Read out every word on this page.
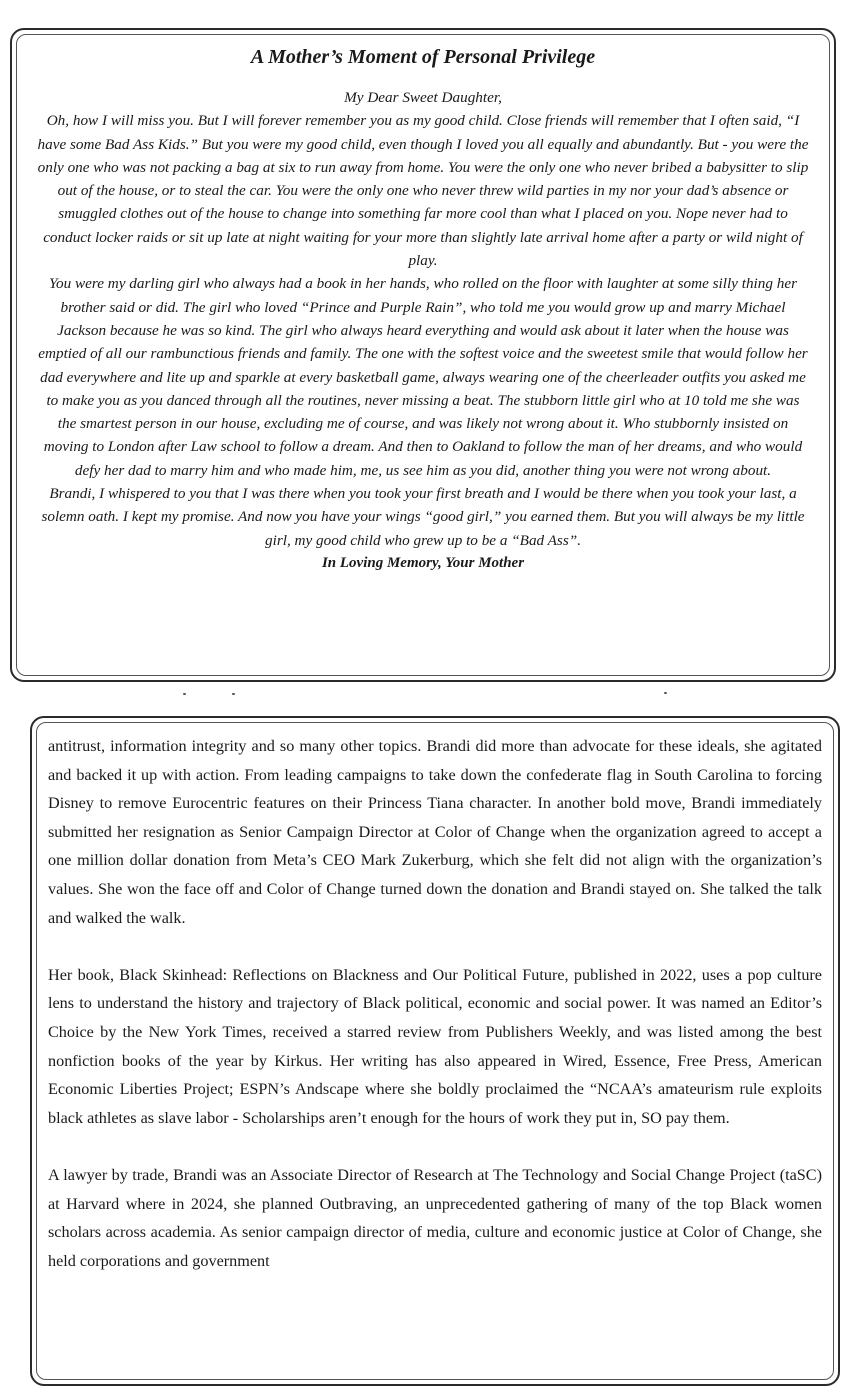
A Mother’s Moment of Personal Privilege

My Dear Sweet Daughter,

Oh, how I will miss you. But I will forever remember you as my good child. Close friends will remember that I often said, “I have some Bad Ass Kids.” But you were my good child, even though I loved you all equally and abundantly. But - you were the only one who was not packing a bag at six to run away from home. You were the only one who never bribed a babysitter to slip out of the house, or to steal the car. You were the only one who never threw wild parties in my nor your dad’s absence or smuggled clothes out of the house to change into something far more cool than what I placed on you. Nope never had to conduct locker raids or sit up late at night waiting for your more than slightly late arrival home after a party or wild night of play.

You were my darling girl who always had a book in her hands, who rolled on the floor with laughter at some silly thing her brother said or did. The girl who loved “Prince and Purple Rain”, who told me you would grow up and marry Michael Jackson because he was so kind. The girl who always heard everything and would ask about it later when the house was emptied of all our rambunctious friends and family. The one with the softest voice and the sweetest smile that would follow her dad everywhere and lite up and sparkle at every basketball game, always wearing one of the cheerleader outfits you asked me to make you as you danced through all the routines, never missing a beat. The stubborn little girl who at 10 told me she was the smartest person in our house, excluding me of course, and was likely not wrong about it. Who stubbornly insisted on moving to London after Law school to follow a dream. And then to Oakland to follow the man of her dreams, and who would defy her dad to marry him and who made him, me, us see him as you did, another thing you were not wrong about.

Brandi, I whispered to you that I was there when you took your first breath and I would be there when you took your last, a solemn oath. I kept my promise. And now you have your wings “good girl,” you earned them. But you will always be my little girl, my good child who grew up to be a “Bad Ass”.

In Loving Memory, Your Mother

antitrust, information integrity and so many other topics. Brandi did more than advocate for these ideals, she agitated and backed it up with action. From leading campaigns to take down the confederate flag in South Carolina to forcing Disney to remove Eurocentric features on their Princess Tiana character. In another bold move, Brandi immediately submitted her resignation as Senior Campaign Director at Color of Change when the organization agreed to accept a one million dollar donation from Meta’s CEO Mark Zukerburg, which she felt did not align with the organization’s values. She won the face off and Color of Change turned down the donation and Brandi stayed on. She talked the talk and walked the walk.

Her book, Black Skinhead: Reflections on Blackness and Our Political Future, published in 2022, uses a pop culture lens to understand the history and trajectory of Black political, economic and social power. It was named an Editor’s Choice by the New York Times, received a starred review from Publishers Weekly, and was listed among the best nonfiction books of the year by Kirkus. Her writing has also appeared in Wired, Essence, Free Press, American Economic Liberties Project; ESPN’s Andscape where she boldly proclaimed the “NCAA’s amateurism rule exploits black athletes as slave labor - Scholarships aren’t enough for the hours of work they put in, SO pay them.

A lawyer by trade, Brandi was an Associate Director of Research at The Technology and Social Change Project (taSC) at Harvard where in 2024, she planned Outbraving, an unprecedented gathering of many of the top Black women scholars across academia. As senior campaign director of media, culture and economic justice at Color of Change, she held corporations and government
